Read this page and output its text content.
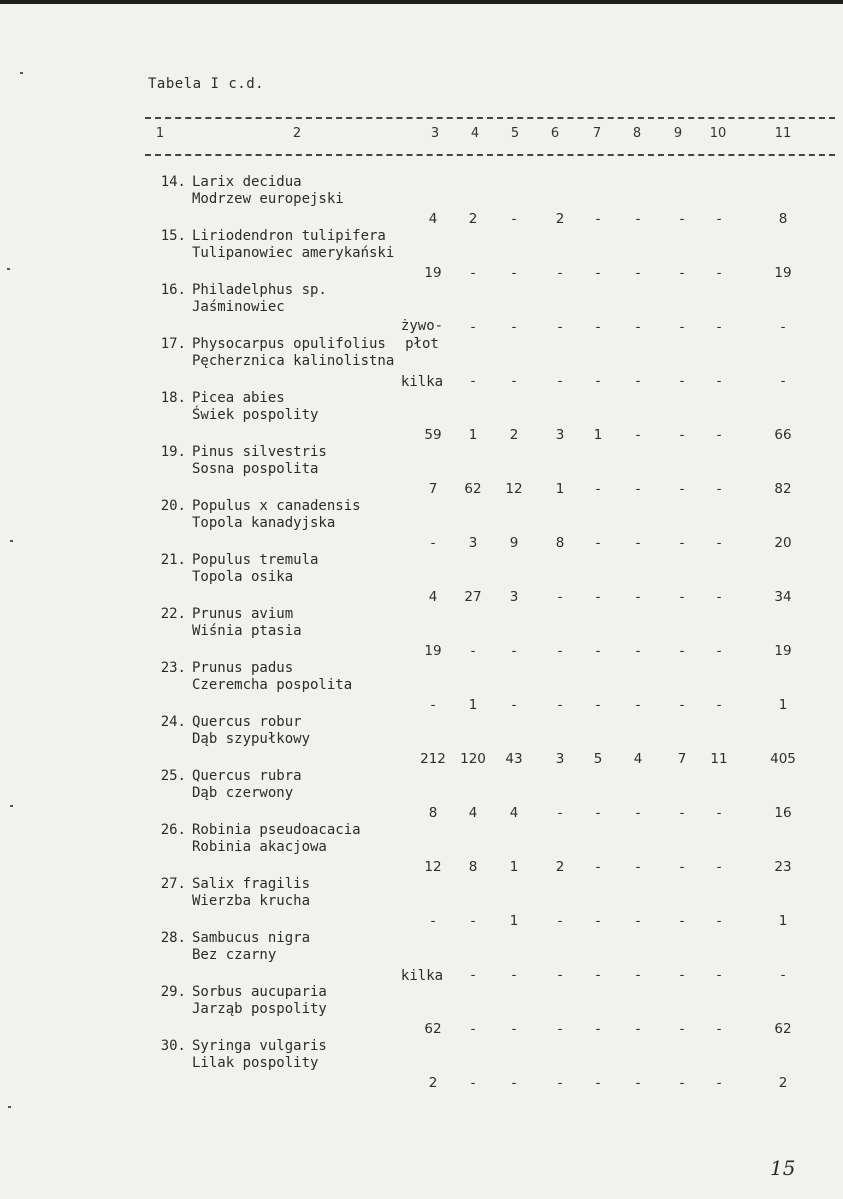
Tabela I c.d.
1	2	3	4	5	6	7	8	9	10	11
14. Larix decidua
Modrzew europejski
4	2	-	2	-	-	-	-	8
15. Liriodendron tulipifera
Tulipanowiec amerykański
19	-	-	-	-	-	-	-	19
16. Philadelphus sp.
Jaśminowiec
żywo-
płot
-	-	-	-	-	-	-	-
17. Physocarpus opulifolius
Pęcherznica kalinolistna
kilka	-	-	-	-	-	-	-	-
18. Picea abies
Świek pospolity
59	1	2	3	1	-	-	-	66
19. Pinus silvestris
Sosna pospolita
7	62	12	1	-	-	-	-	82
20. Populus x canadensis
Topola kanadyjska
-	3	9	8	-	-	-	-	20
21. Populus tremula
Topola osika
4	27	3	-	-	-	-	-	34
22. Prunus avium
Wiśnia ptasia
19	-	-	-	-	-	-	-	19
23. Prunus padus
Czeremcha pospolita
-	1	-	-	-	-	-	-	1
24. Quercus robur
Dąb szypułkowy
212	120	43	3	5	4	7	11	405
25. Quercus rubra
Dąb czerwony
8	4	4	-	-	-	-	-	16
26. Robinia pseudoacacia
Robinia akacjowa
12	8	1	2	-	-	-	-	23
27. Salix fragilis
Wierzba krucha
-	-	1	-	-	-	-	-	1
28. Sambucus nigra
Bez czarny
kilka	-	-	-	-	-	-	-	-
29. Sorbus aucuparia
Jarząb pospolity
62	-	-	-	-	-	-	-	62
30. Syringa vulgaris
Lilak pospolity
2	-	-	-	-	-	-	-	2
15
